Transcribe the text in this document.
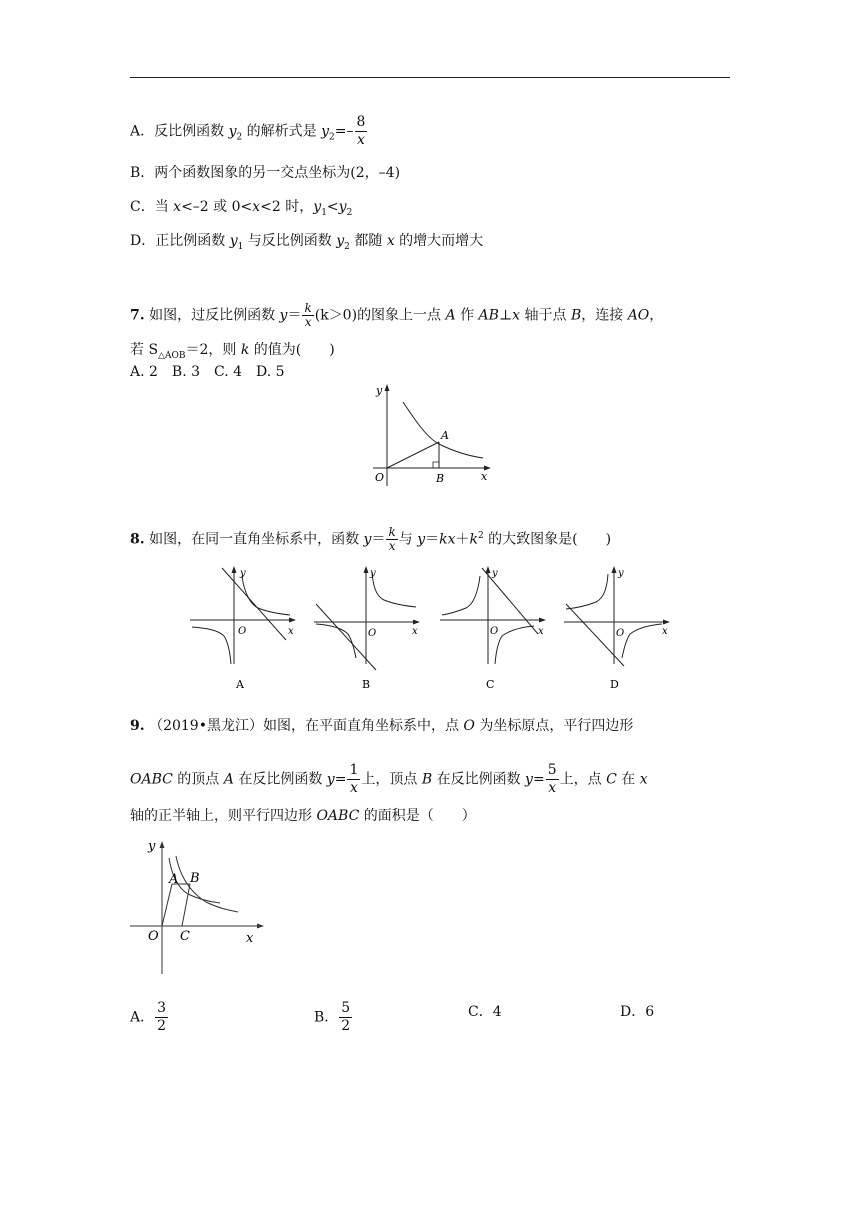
A．反比例函数 $y_2$ 的解析式是 $y_2=- \frac{8}{x}$
B．两个函数图象的另一交点坐标为(2，–4)
C．当 x<–2 或 0<x<2 时，$y_1<y_2$
D．正比例函数 $y_1$ 与反比例函数 $y_2$ 都随 x 的增大而增大
7. 如图，过反比例函数 $y= \frac{k}{x} (k>0)$的图象上一点 A 作 AB⊥x 轴于点 B，连接 AO，
若 $S_{\triangle AOB}=2$，则 k 的值为(　　)
A. 2　B. 3　C. 4　D. 5
y
x
O
A
B
8. 如图，在同一直角坐标系中，函数 $y= \frac{k}{x}$ 与 $y=kx+k^2$ 的大致图象是(　　)
y
x
O
A
y
x
O
B
y
x
O
C
y
x
O
D
9. （2019•黑龙江）如图，在平面直角坐标系中，点 O 为坐标原点，平行四边形
OABC 的顶点 A 在反比例函数 $y= \frac{1}{x}$ 上，顶点 B 在反比例函数 $y= \frac{5}{x}$ 上，点 C 在 x
轴的正半轴上，则平行四边形 OABC 的面积是（　　）
y
x
O
A B
C
A． $\frac{3}{2}$	B． $\frac{5}{2}$	C．4	D．6
